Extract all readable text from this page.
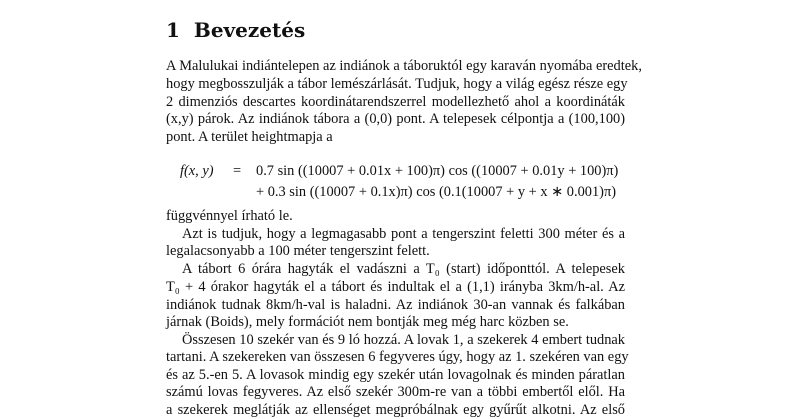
1 Bevezetés
A Malulukai indiántelepen az indiánok a táboruktól egy karaván nyomába eredtek,
hogy megbosszulják a tábor lemészárlását. Tudjuk, hogy a világ egész része egy
2 dimenziós descartes koordinátarendszerrel modellezhető ahol a koordináták
(x,y) párok. Az indiánok tábora a (0,0) pont. A telepesek célpontja a (100,100)
pont. A terület heightmapja a
f(x, y) = 0.7 sin ((10007 + 0.01x + 100)π) cos ((10007 + 0.01y + 100)π)
+ 0.3 sin ((10007 + 0.1x)π) cos (0.1(10007 + y + x ∗ 0.001)π)
függvénnyel írható le.
Azt is tudjuk, hogy a legmagasabb pont a tengerszint feletti 300 méter és a
legalacsonyabb a 100 méter tengerszint felett.
A tábort 6 órára hagyták el vadászni a T₀ (start) időponttól. A telepesek
T₀ + 4 órakor hagyták el a tábort és indultak el a (1,1) irányba 3km/h-al. Az
indiánok tudnak 8km/h-val is haladni. Az indiánok 30-an vannak és falkában
járnak (Boids), mely formációt nem bontják meg még harc közben se.
Összesen 10 szekér van és 9 ló hozzá. A lovak 1, a szekerek 4 embert tudnak
tartani. A szekereken van összesen 6 fegyveres úgy, hogy az 1. szekéren van egy
és az 5.-en 5. A lovasok mindig egy szekér után lovagolnak és minden páratlan
számú lovas fegyveres. Az első szekér 300m-re van a többi embertől elől. Ha
a szekerek meglátják az ellenséget megpróbálnak egy gyűrűt alkotni. Az első
